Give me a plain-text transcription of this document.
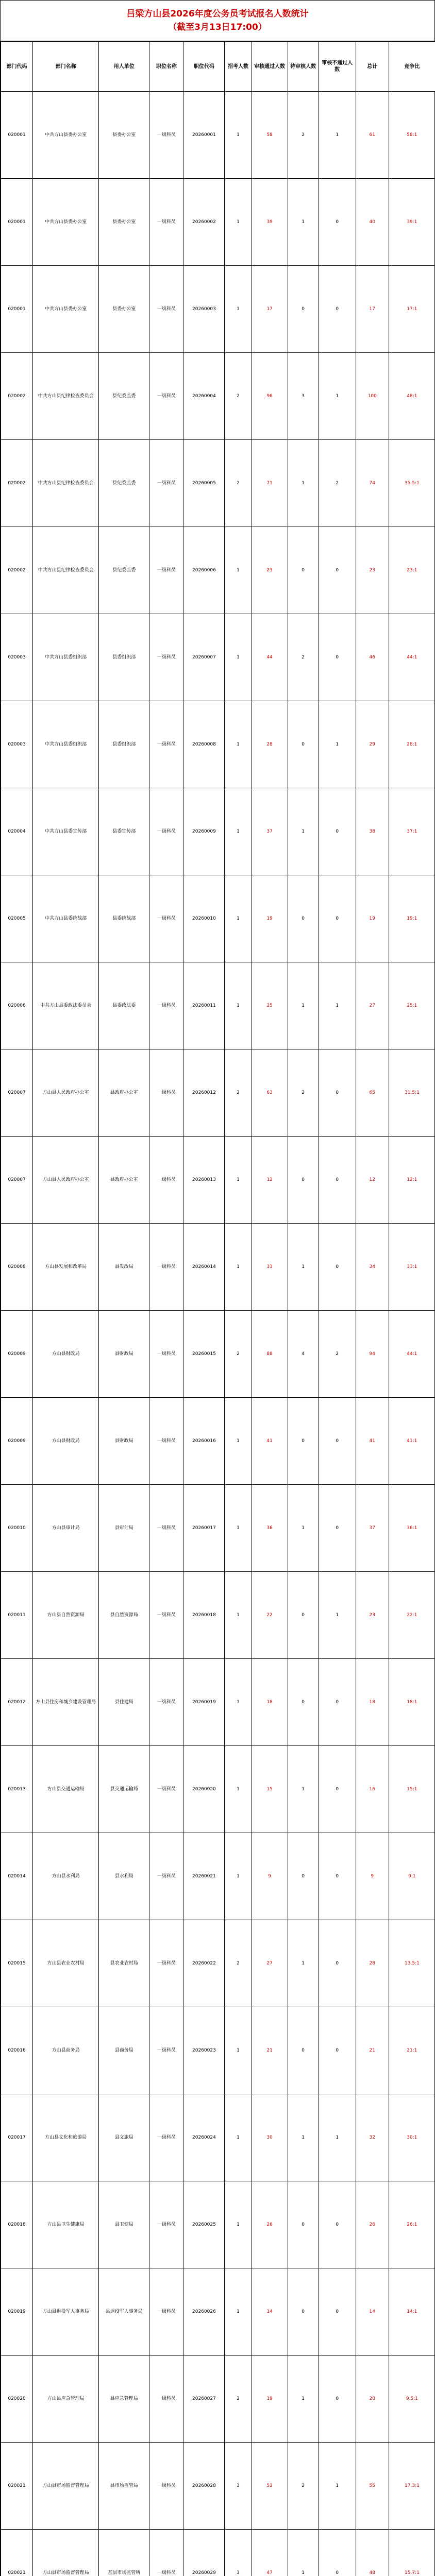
吕梁方山县2026年度公务员考试报名人数统计
（截至3月13日17:00）
部门代码	部门名称	用人单位	职位名称	职位代码	招考人数	审核通过人数	待审核人数	审核不通过人数	总计	竞争比
020001	中共方山县委办公室	县委办公室	一级科员	20260001	1	58	2	1	61	58:1
020001	中共方山县委办公室	县委办公室	一级科员	20260002	1	39	1	0	40	39:1
020001	中共方山县委办公室	县委办公室	一级科员	20260003	1	17	0	0	17	17:1
020002	中共方山县纪律检查委员会	县纪委监委	一级科员	20260004	2	96	3	1	100	48:1
020002	中共方山县纪律检查委员会	县纪委监委	一级科员	20260005	2	71	1	2	74	35.5:1
020002	中共方山县纪律检查委员会	县纪委监委	一级科员	20260006	1	23	0	0	23	23:1
020003	中共方山县委组织部	县委组织部	一级科员	20260007	1	44	2	0	46	44:1
020003	中共方山县委组织部	县委组织部	一级科员	20260008	1	28	0	1	29	28:1
020004	中共方山县委宣传部	县委宣传部	一级科员	20260009	1	37	1	0	38	37:1
020005	中共方山县委统战部	县委统战部	一级科员	20260010	1	19	0	0	19	19:1
020006	中共方山县委政法委员会	县委政法委	一级科员	20260011	1	25	1	1	27	25:1
020007	方山县人民政府办公室	县政府办公室	一级科员	20260012	2	63	2	0	65	31.5:1
020007	方山县人民政府办公室	县政府办公室	一级科员	20260013	1	12	0	0	12	12:1
020008	方山县发展和改革局	县发改局	一级科员	20260014	1	33	1	0	34	33:1
020009	方山县财政局	县财政局	一级科员	20260015	2	88	4	2	94	44:1
020009	方山县财政局	县财政局	一级科员	20260016	1	41	0	0	41	41:1
020010	方山县审计局	县审计局	一级科员	20260017	1	36	1	0	37	36:1
020011	方山县自然资源局	县自然资源局	一级科员	20260018	1	22	0	1	23	22:1
020012	方山县住房和城乡建设管理局	县住建局	一级科员	20260019	1	18	0	0	18	18:1
020013	方山县交通运输局	县交通运输局	一级科员	20260020	1	15	1	0	16	15:1
020014	方山县水利局	县水利局	一级科员	20260021	1	9	0	0	9	9:1
020015	方山县农业农村局	县农业农村局	一级科员	20260022	2	27	1	0	28	13.5:1
020016	方山县商务局	县商务局	一级科员	20260023	1	21	0	0	21	21:1
020017	方山县文化和旅游局	县文旅局	一级科员	20260024	1	30	1	1	32	30:1
020018	方山县卫生健康局	县卫健局	一级科员	20260025	1	26	0	0	26	26:1
020019	方山县退役军人事务局	县退役军人事务局	一级科员	20260026	1	14	0	0	14	14:1
020020	方山县应急管理局	县应急管理局	一级科员	20260027	2	19	1	0	20	9.5:1
020021	方山县市场监督管理局	县市场监管局	一级科员	20260028	3	52	2	1	55	17.3:1
020021	方山县市场监督管理局	基层市场监管所	一级科员	20260029	3	47	1	0	48	15.7:1
